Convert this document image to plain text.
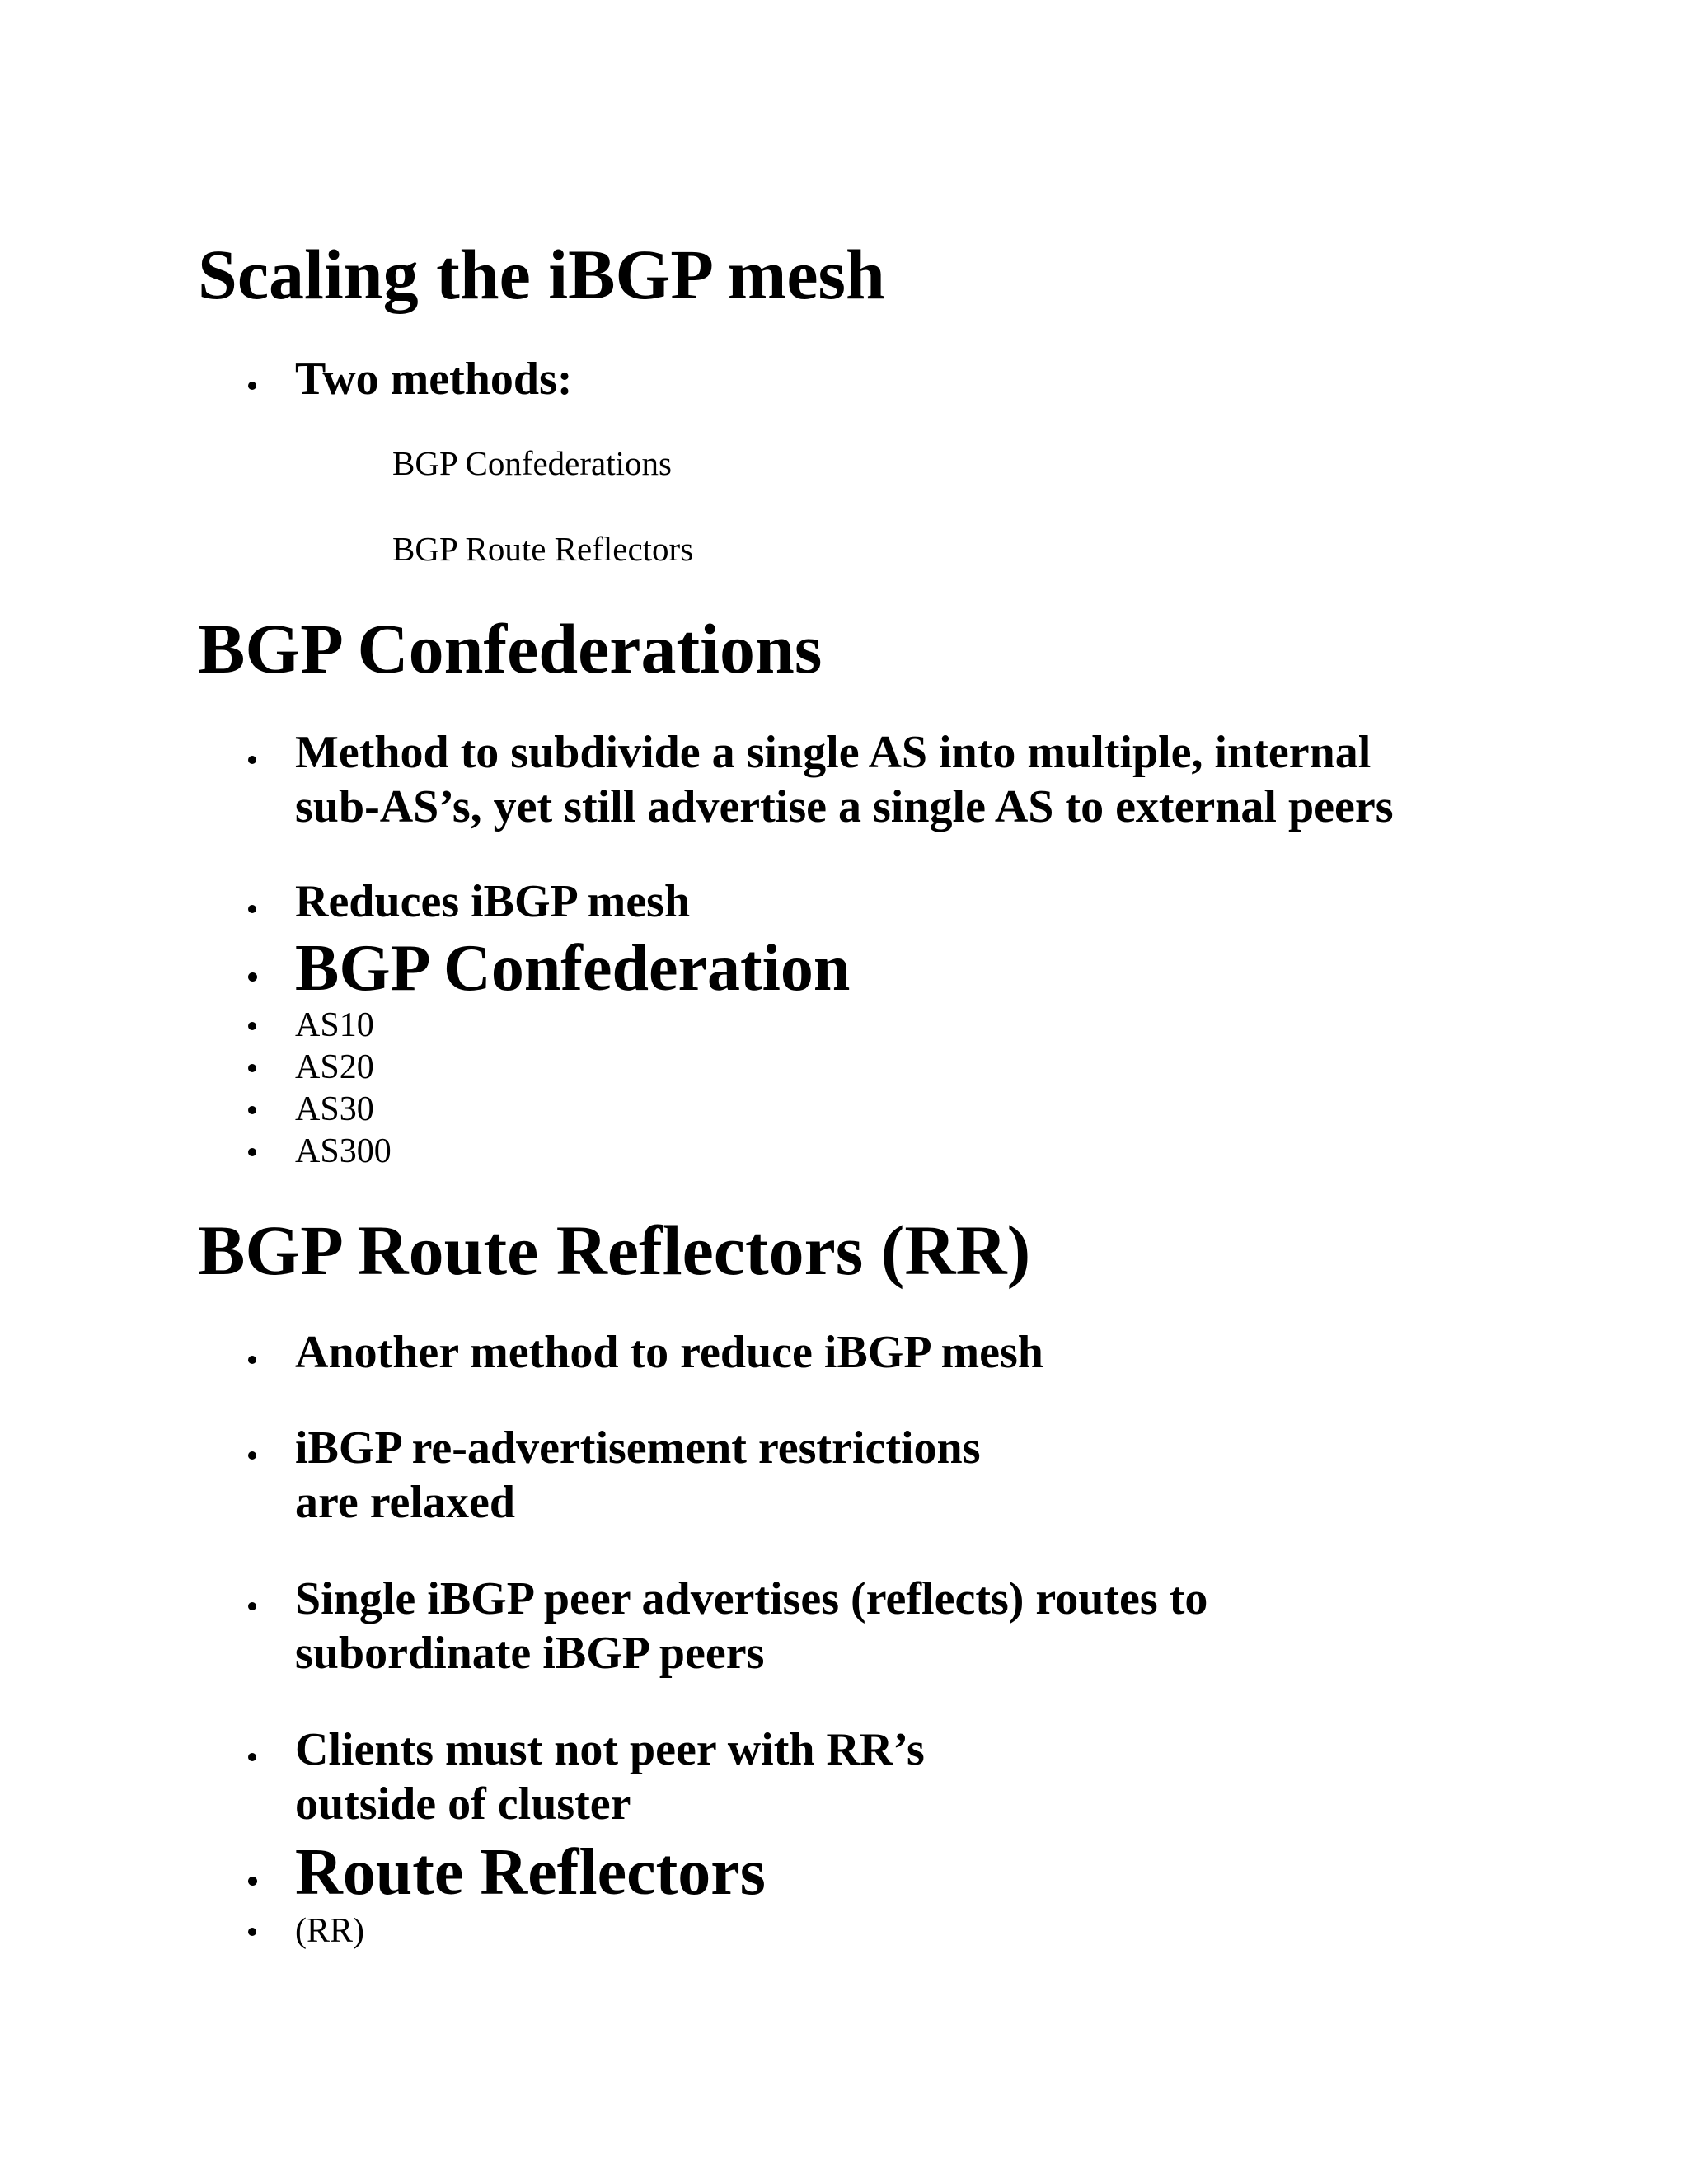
Scaling the iBGP mesh
Two methods:
BGP Confederations
BGP Route Reflectors
BGP Confederations
Method to subdivide a single AS into multiple, internal
sub-AS’s, yet still advertise a single AS to external peers
Reduces iBGP mesh
BGP Confederation
AS10
AS20
AS30
AS300
BGP Route Reflectors (RR)
Another method to reduce iBGP mesh
iBGP re-advertisement restrictions
are relaxed
Single iBGP peer advertises (reflects) routes to
subordinate iBGP peers
Clients must not peer with RR’s
outside of cluster
Route Reflectors
(RR)
